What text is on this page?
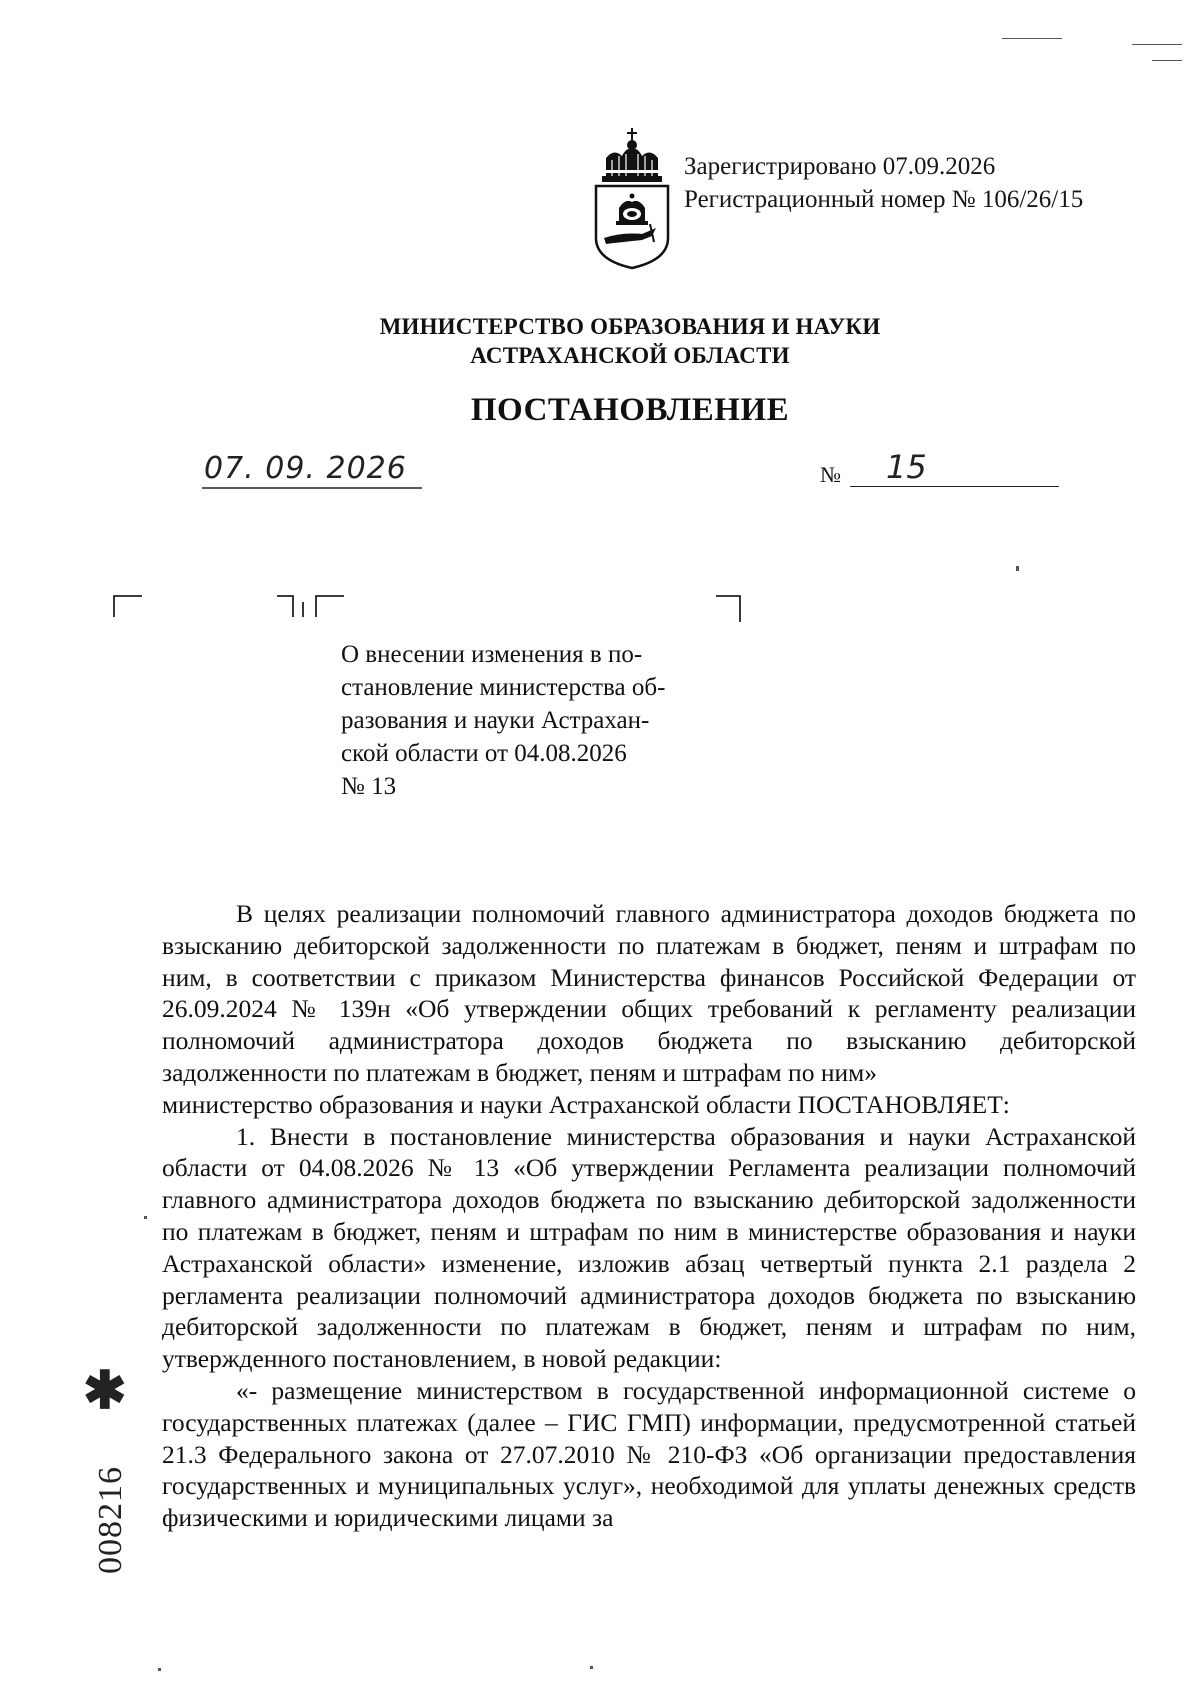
Зарегистрировано 07.09.2026
Регистрационный номер № 106/26/15
МИНИСТЕРСТВО ОБРАЗОВАНИЯ И НАУКИ
АСТРАХАНСКОЙ ОБЛАСТИ
ПОСТАНОВЛЕНИЕ
07. 09. 2026	№ 15
О внесении изменения в по-
становление министерства об-
разования и науки Астрахан-
ской области от 04.08.2026
№ 13

В целях реализации полномочий главного администратора доходов бюджета по взысканию дебиторской задолженности по платежам в бюджет, пеням и штрафам по ним, в соответствии с приказом Министерства финансов Российской Федерации от 26.09.2024 № 139н «Об утверждении общих требований к регламенту реализации полномочий администратора доходов бюджета по взысканию дебиторской задолженности по платежам в бюджет, пеням и штрафам по ним»

министерство образования и науки Астраханской области ПОСТАНОВЛЯЕТ:

1. Внести в постановление министерства образования и науки Астраханской области от 04.08.2026 № 13 «Об утверждении Регламента реализации полномочий главного администратора доходов бюджета по взысканию дебиторской задолженности по платежам в бюджет, пеням и штрафам по ним в министерстве образования и науки Астраханской области» изменение, изложив абзац четвертый пункта 2.1 раздела 2 регламента реализации полномочий администратора доходов бюджета по взысканию дебиторской задолженности по платежам в бюджет, пеням и штрафам по ним, утвержденного постановлением, в новой редакции:

«- размещение министерством в государственной информационной системе о государственных платежах (далее – ГИС ГМП) информации, предусмотренной статьей 21.3 Федерального закона от 27.07.2010 № 210-ФЗ «Об организации предоставления государственных и муниципальных услуг», необходимой для уплаты денежных средств физическими и юридическими лицами за

✱
008216
